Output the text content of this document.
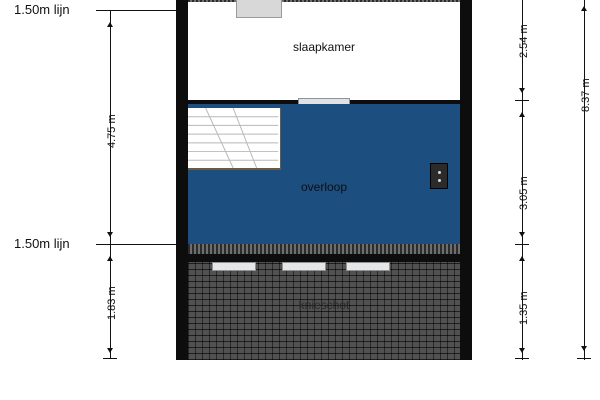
slaapkamer
overloop
knieschot
1.50m lijn
1.50m lijn
4.75 m
1.83 m
2.54 m
3.05 m
1.35 m
8.37 m
